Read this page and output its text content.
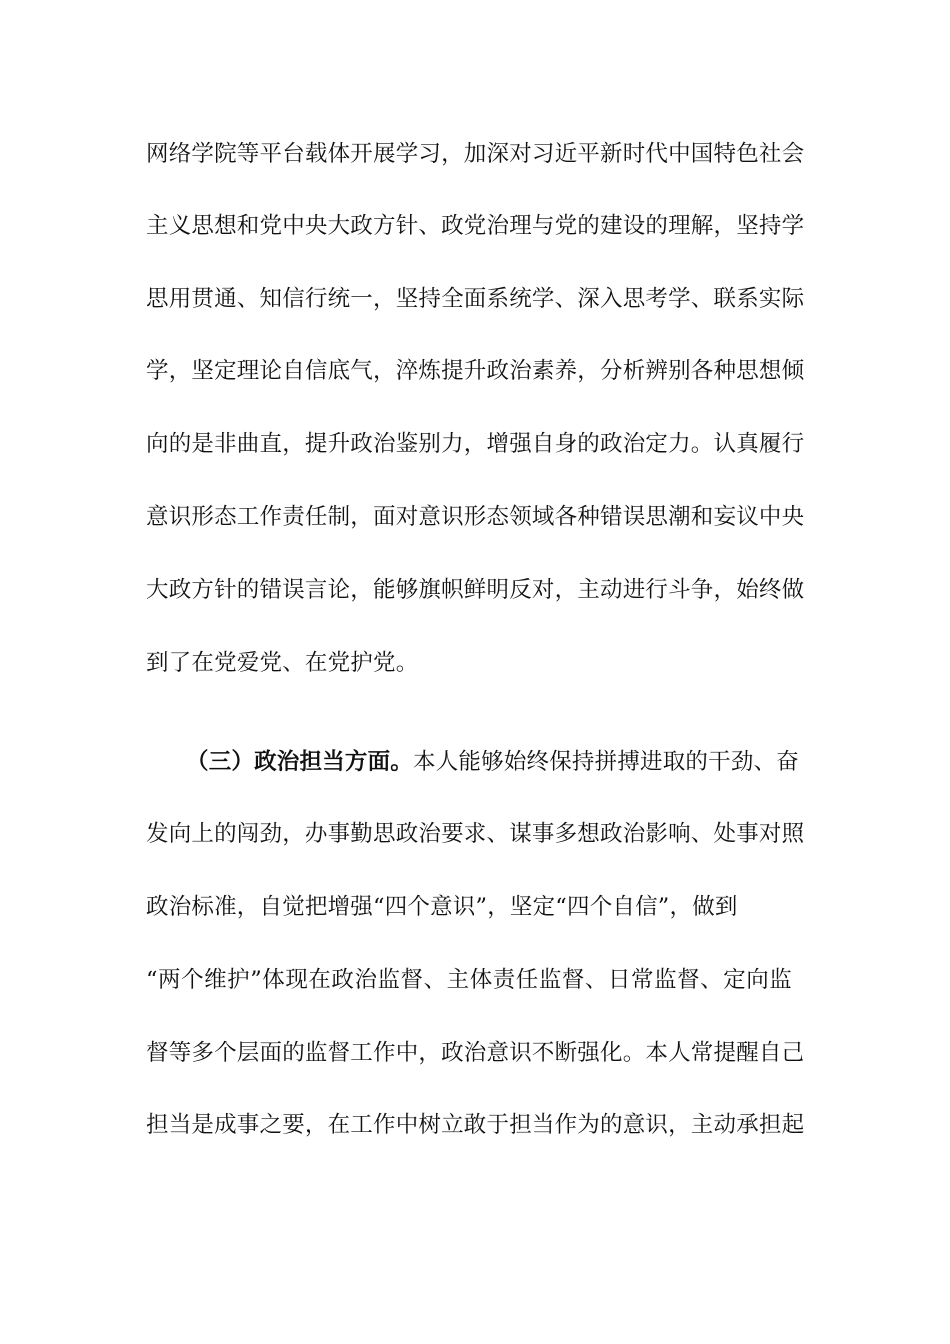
网络学院等平台载体开展学习，加深对习近平新时代中国特色社会
主义思想和党中央大政方针、政党治理与党的建设的理解，坚持学
思用贯通、知信行统一，坚持全面系统学、深入思考学、联系实际
学，坚定理论自信底气，淬炼提升政治素养，分析辨别各种思想倾
向的是非曲直，提升政治鉴别力，增强自身的政治定力。认真履行
意识形态工作责任制，面对意识形态领域各种错误思潮和妄议中央
大政方针的错误言论，能够旗帜鲜明反对，主动进行斗争，始终做
到了在党爱党、在党护党。
（三）政治担当方面。本人能够始终保持拼搏进取的干劲、奋
发向上的闯劲，办事勤思政治要求、谋事多想政治影响、处事对照
政治标准，自觉把增强“四个意识”，坚定“四个自信”，做到
“两个维护”体现在政治监督、主体责任监督、日常监督、定向监
督等多个层面的监督工作中，政治意识不断强化。本人常提醒自己
担当是成事之要，在工作中树立敢于担当作为的意识，主动承担起
